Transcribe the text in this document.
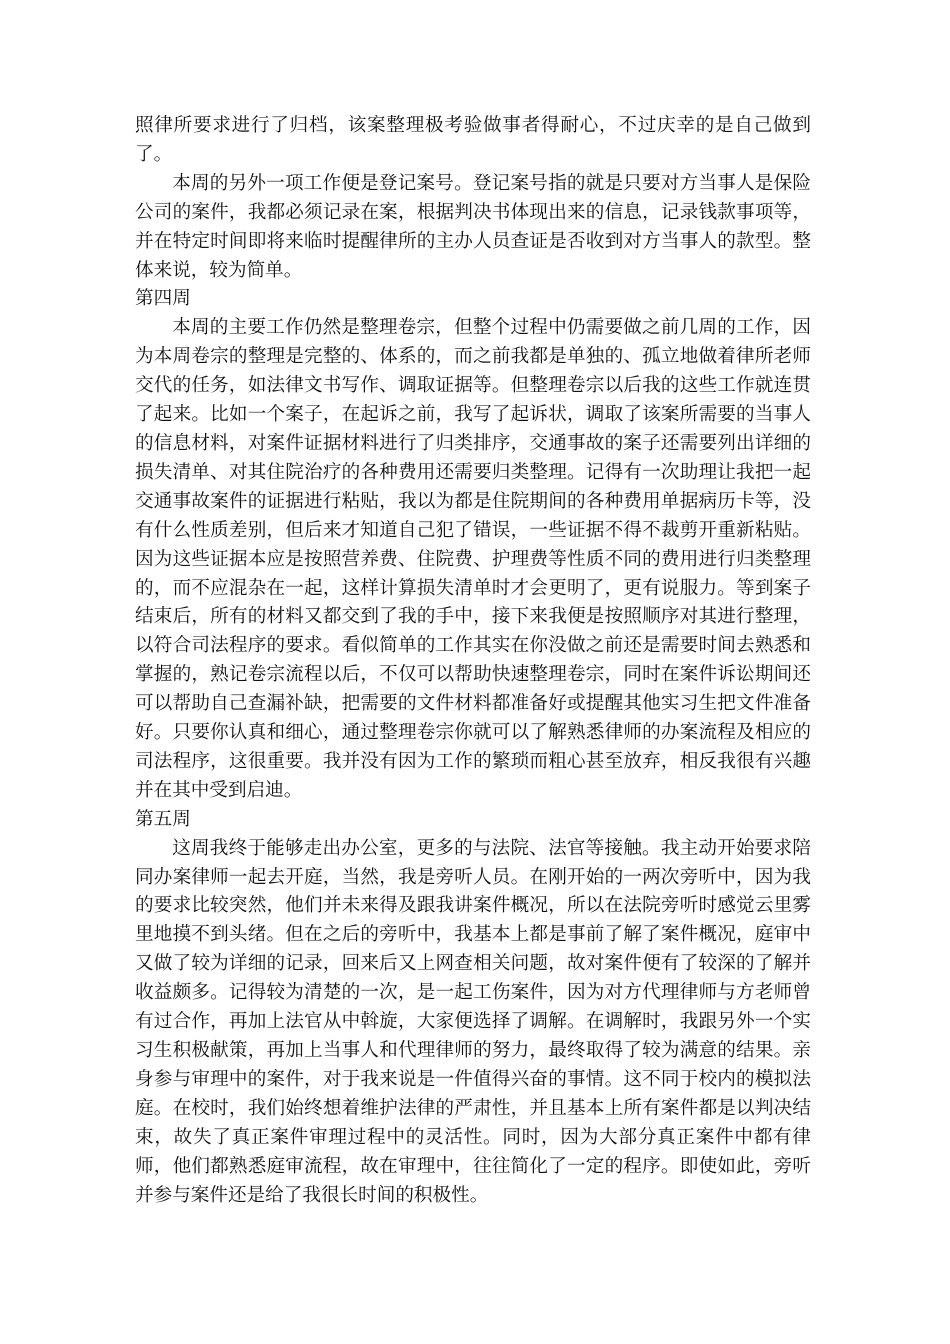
照律所要求进行了归档，该案整理极考验做事者得耐心，不过庆幸的是自己做到了。

本周的另外一项工作便是登记案号。登记案号指的就是只要对方当事人是保险公司的案件，我都必须记录在案，根据判决书体现出来的信息，记录钱款事项等，并在特定时间即将来临时提醒律所的主办人员查证是否收到对方当事人的款型。整体来说，较为简单。

第四周

本周的主要工作仍然是整理卷宗，但整个过程中仍需要做之前几周的工作，因为本周卷宗的整理是完整的、体系的，而之前我都是单独的、孤立地做着律所老师交代的任务，如法律文书写作、调取证据等。但整理卷宗以后我的这些工作就连贯了起来。比如一个案子，在起诉之前，我写了起诉状，调取了该案所需要的当事人的信息材料，对案件证据材料进行了归类排序，交通事故的案子还需要列出详细的损失清单、对其住院治疗的各种费用还需要归类整理。记得有一次助理让我把一起交通事故案件的证据进行粘贴，我以为都是住院期间的各种费用单据病历卡等，没有什么性质差别，但后来才知道自己犯了错误，一些证据不得不裁剪开重新粘贴。因为这些证据本应是按照营养费、住院费、护理费等性质不同的费用进行归类整理的，而不应混杂在一起，这样计算损失清单时才会更明了，更有说服力。等到案子结束后，所有的材料又都交到了我的手中，接下来我便是按照顺序对其进行整理，以符合司法程序的要求。看似简单的工作其实在你没做之前还是需要时间去熟悉和掌握的，熟记卷宗流程以后，不仅可以帮助快速整理卷宗，同时在案件诉讼期间还可以帮助自己查漏补缺，把需要的文件材料都准备好或提醒其他实习生把文件准备好。只要你认真和细心，通过整理卷宗你就可以了解熟悉律师的办案流程及相应的司法程序，这很重要。我并没有因为工作的繁琐而粗心甚至放弃，相反我很有兴趣并在其中受到启迪。

第五周

这周我终于能够走出办公室，更多的与法院、法官等接触。我主动开始要求陪同办案律师一起去开庭，当然，我是旁听人员。在刚开始的一两次旁听中，因为我的要求比较突然，他们并未来得及跟我讲案件概况，所以在法院旁听时感觉云里雾里地摸不到头绪。但在之后的旁听中，我基本上都是事前了解了案件概况，庭审中又做了较为详细的记录，回来后又上网查相关问题，故对案件便有了较深的了解并收益颇多。记得较为清楚的一次，是一起工伤案件，因为对方代理律师与方老师曾有过合作，再加上法官从中斡旋，大家便选择了调解。在调解时，我跟另外一个实习生积极献策，再加上当事人和代理律师的努力，最终取得了较为满意的结果。亲身参与审理中的案件，对于我来说是一件值得兴奋的事情。这不同于校内的模拟法庭。在校时，我们始终想着维护法律的严肃性，并且基本上所有案件都是以判决结束，故失了真正案件审理过程中的灵活性。同时，因为大部分真正案件中都有律师，他们都熟悉庭审流程，故在审理中，往往简化了一定的程序。即使如此，旁听并参与案件还是给了我很长时间的积极性。
